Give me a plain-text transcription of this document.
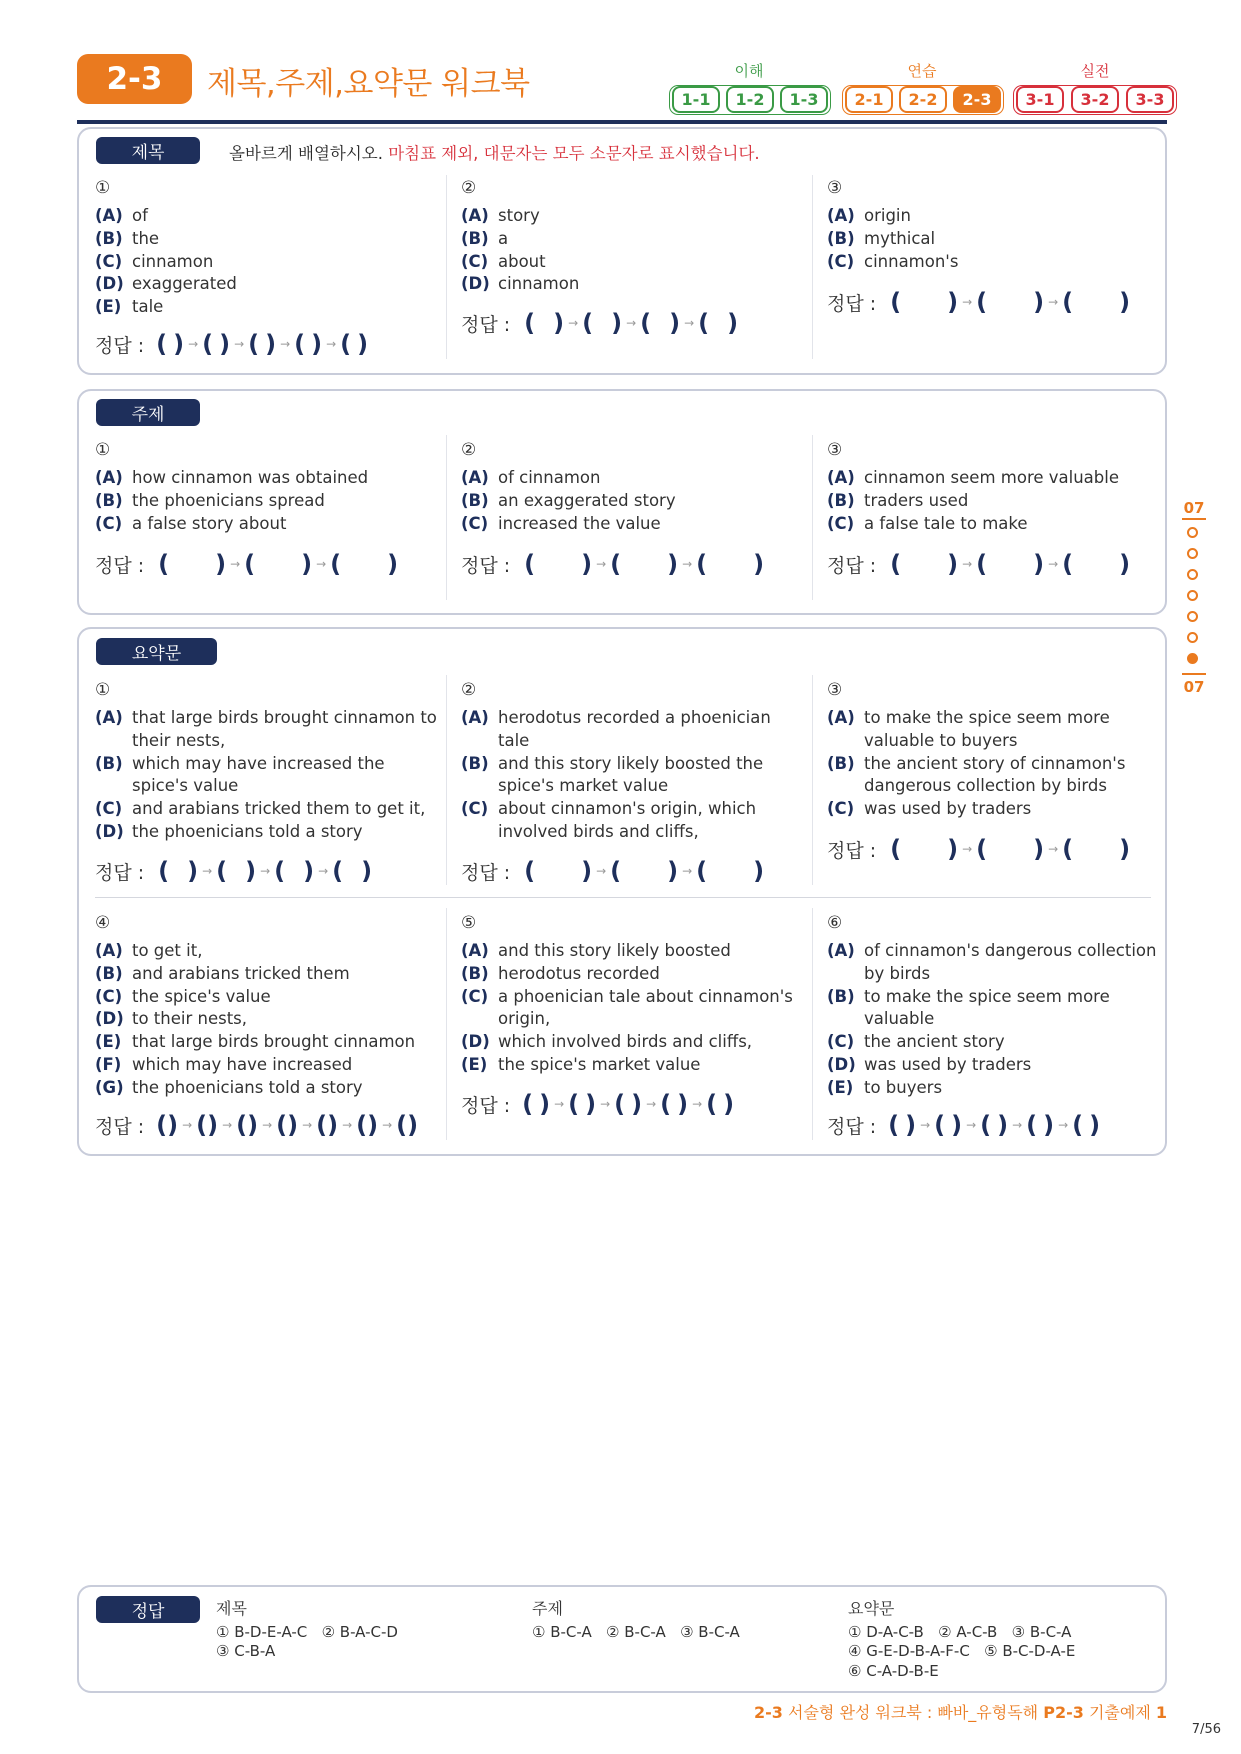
2-3	제목,주제,요약문 워크북	이해	연습	실전
1-1	1-2	1-3	2-1	2-2	2-3	3-1	3-2	3-3
제목	올바르게 배열하시오. 마침표 제외, 대문자는 모두 소문자로 표시했습니다.
①
(A) of
(B) the
(C) cinnamon
(D) exaggerated
(E) tale
정답 : ( ) → ( ) → ( ) → ( ) → ( )
②
(A) story
(B) a
(C) about
(D) cinnamon
정답 : ( ) → ( ) → ( ) → ( )
③
(A) origin
(B) mythical
(C) cinnamon's
정답 : ( ) → ( ) → ( )
주제
①
(A) how cinnamon was obtained
(B) the phoenicians spread
(C) a false story about
정답 : ( ) → ( ) → ( )
②
(A) of cinnamon
(B) an exaggerated story
(C) increased the value
정답 : ( ) → ( ) → ( )
③
(A) cinnamon seem more valuable
(B) traders used
(C) a false tale to make
정답 : ( ) → ( ) → ( )
요약문
①
(A) that large birds brought cinnamon to their nests,
(B) which may have increased the spice's value
(C) and arabians tricked them to get it,
(D) the phoenicians told a story
정답 : ( ) → ( ) → ( ) → ( )
②
(A) herodotus recorded a phoenician tale
(B) and this story likely boosted the spice's market value
(C) about cinnamon's origin, which involved birds and cliffs,
정답 : ( ) → ( ) → ( )
③
(A) to make the spice seem more valuable to buyers
(B) the ancient story of cinnamon's dangerous collection by birds
(C) was used by traders
정답 : ( ) → ( ) → ( )
④
(A) to get it,
(B) and arabians tricked them
(C) the spice's value
(D) to their nests,
(E) that large birds brought cinnamon
(F) which may have increased
(G) the phoenicians told a story
정답 : ( ) → ( ) → ( ) → ( ) → ( ) → ( ) → ( )
⑤
(A) and this story likely boosted
(B) herodotus recorded
(C) a phoenician tale about cinnamon's origin,
(D) which involved birds and cliffs,
(E) the spice's market value
정답 : ( ) → ( ) → ( ) → ( ) → ( )
⑥
(A) of cinnamon's dangerous collection by birds
(B) to make the spice seem more valuable
(C) the ancient story
(D) was used by traders
(E) to buyers
정답 : ( ) → ( ) → ( ) → ( ) → ( )
07
07
정답	제목
① B-D-E-A-C   ② B-A-C-D
③ C-B-A
주제
① B-C-A   ② B-C-A   ③ B-C-A
요약문
① D-A-C-B   ② A-C-B   ③ B-C-A
④ G-E-D-B-A-F-C   ⑤ B-C-D-A-E
⑥ C-A-D-B-E
2-3 서술형 완성 워크북 : 빠바_유형독해 P2-3 기출예제 1
7/56
